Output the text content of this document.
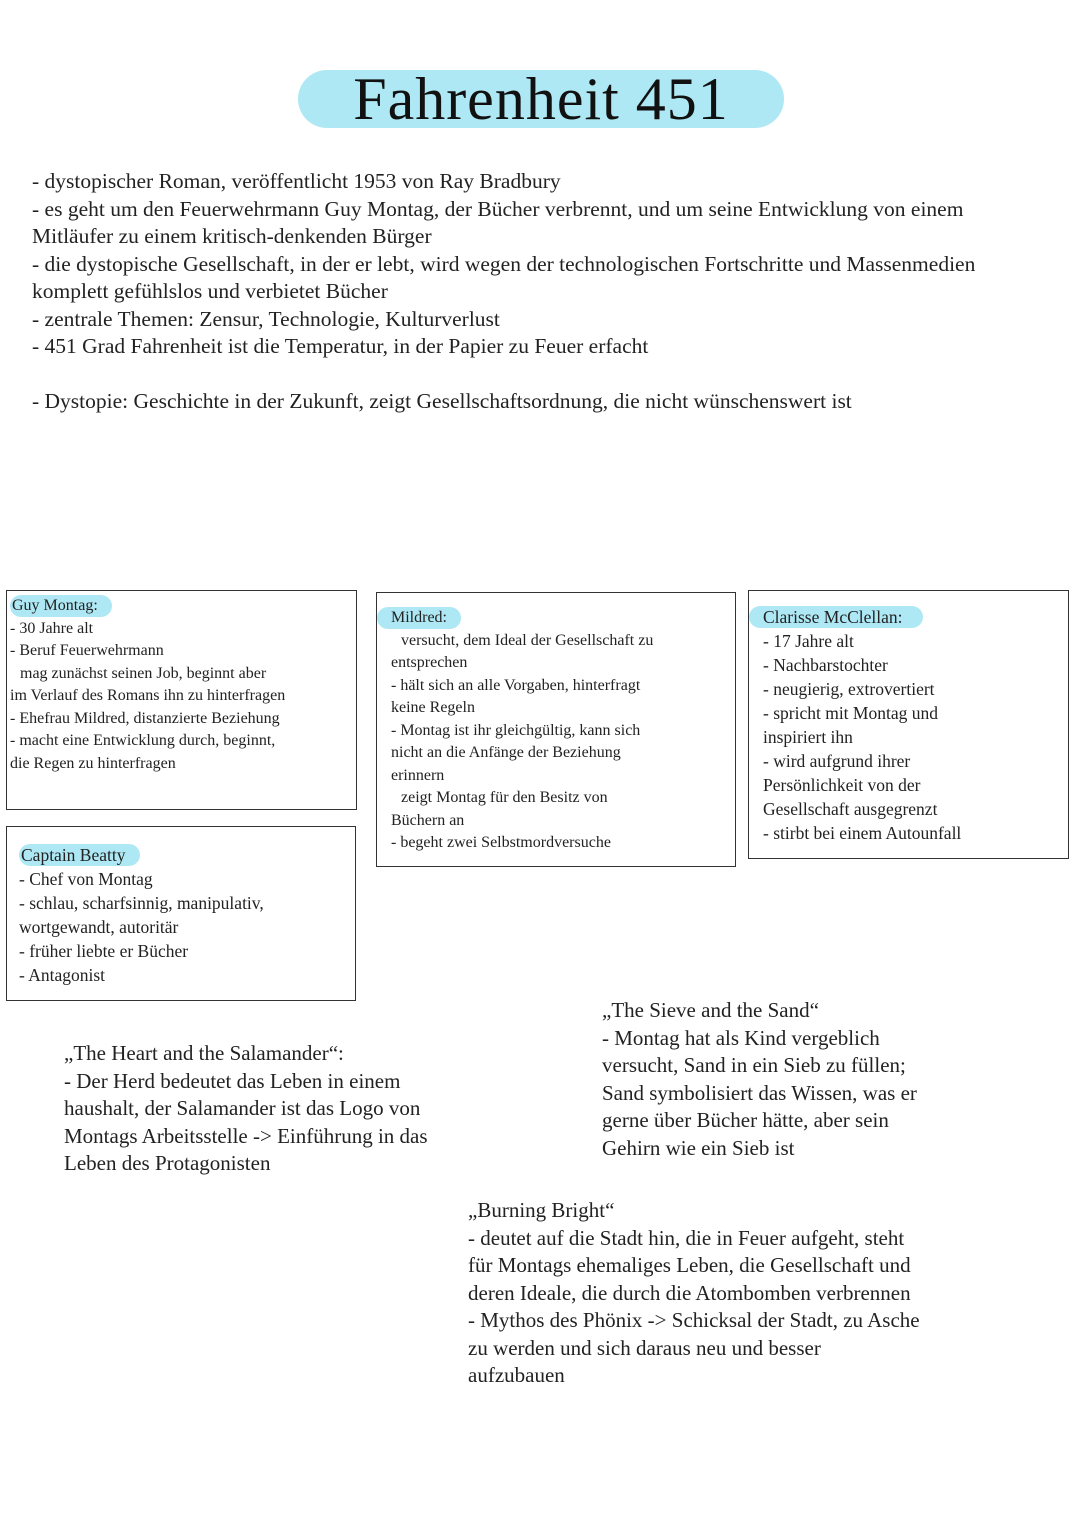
Fahrenheit 451

- dystopischer Roman, veröffentlicht 1953 von Ray Bradbury

- es geht um den Feuerwehrmann Guy Montag, der Bücher verbrennt, und um seine Entwicklung von einem Mitläufer zu einem kritisch-denkenden Bürger

- die dystopische Gesellschaft, in der er lebt, wird wegen der technologischen Fortschritte und Massenmedien komplett gefühlslos und verbietet Bücher

- zentrale Themen: Zensur, Technologie, Kulturverlust

- 451 Grad Fahrenheit ist die Temperatur, in der Papier zu Feuer erfacht

- Dystopie: Geschichte in der Zukunft, zeigt Gesellschaftsordnung, die nicht wünschenswert ist

Guy Montag:

- 30 Jahre alt

- Beruf Feuerwehrmann

mag zunächst seinen Job, beginnt aber

im Verlauf des Romans ihn zu hinterfragen

- Ehefrau Mildred, distanzierte Beziehung

- macht eine Entwicklung durch, beginnt,

die Regen zu hinterfragen

Mildred:

versucht, dem Ideal der Gesellschaft zu

entsprechen

- hält sich an alle Vorgaben, hinterfragt

keine Regeln

- Montag ist ihr gleichgültig, kann sich

nicht an die Anfänge der Beziehung

erinnern

zeigt Montag für den Besitz von

Büchern an

- begeht zwei Selbstmordversuche

Clarisse McClellan:

- 17 Jahre alt

- Nachbarstochter

- neugierig, extrovertiert

- spricht mit Montag und

inspiriert ihn

- wird aufgrund ihrer

Persönlichkeit von der

Gesellschaft ausgegrenzt

- stirbt bei einem Autounfall

Captain Beatty

- Chef von Montag

- schlau, scharfsinnig, manipulativ,

wortgewandt, autoritär

- früher liebte er Bücher

- Antagonist

„The Heart and the Salamander“:

- Der Herd bedeutet das Leben in einem

haushalt, der Salamander ist das Logo von

Montags Arbeitsstelle -> Einführung in das

Leben des Protagonisten

„The Sieve and the Sand“

- Montag hat als Kind vergeblich

versucht, Sand in ein Sieb zu füllen;

Sand symbolisiert das Wissen, was er

gerne über Bücher hätte, aber sein

Gehirn wie ein Sieb ist

„Burning Bright“

- deutet auf die Stadt hin, die in Feuer aufgeht, steht

für Montags ehemaliges Leben, die Gesellschaft und

deren Ideale, die durch die Atombomben verbrennen

- Mythos des Phönix -> Schicksal der Stadt, zu Asche

zu werden und sich daraus neu und besser

aufzubauen
